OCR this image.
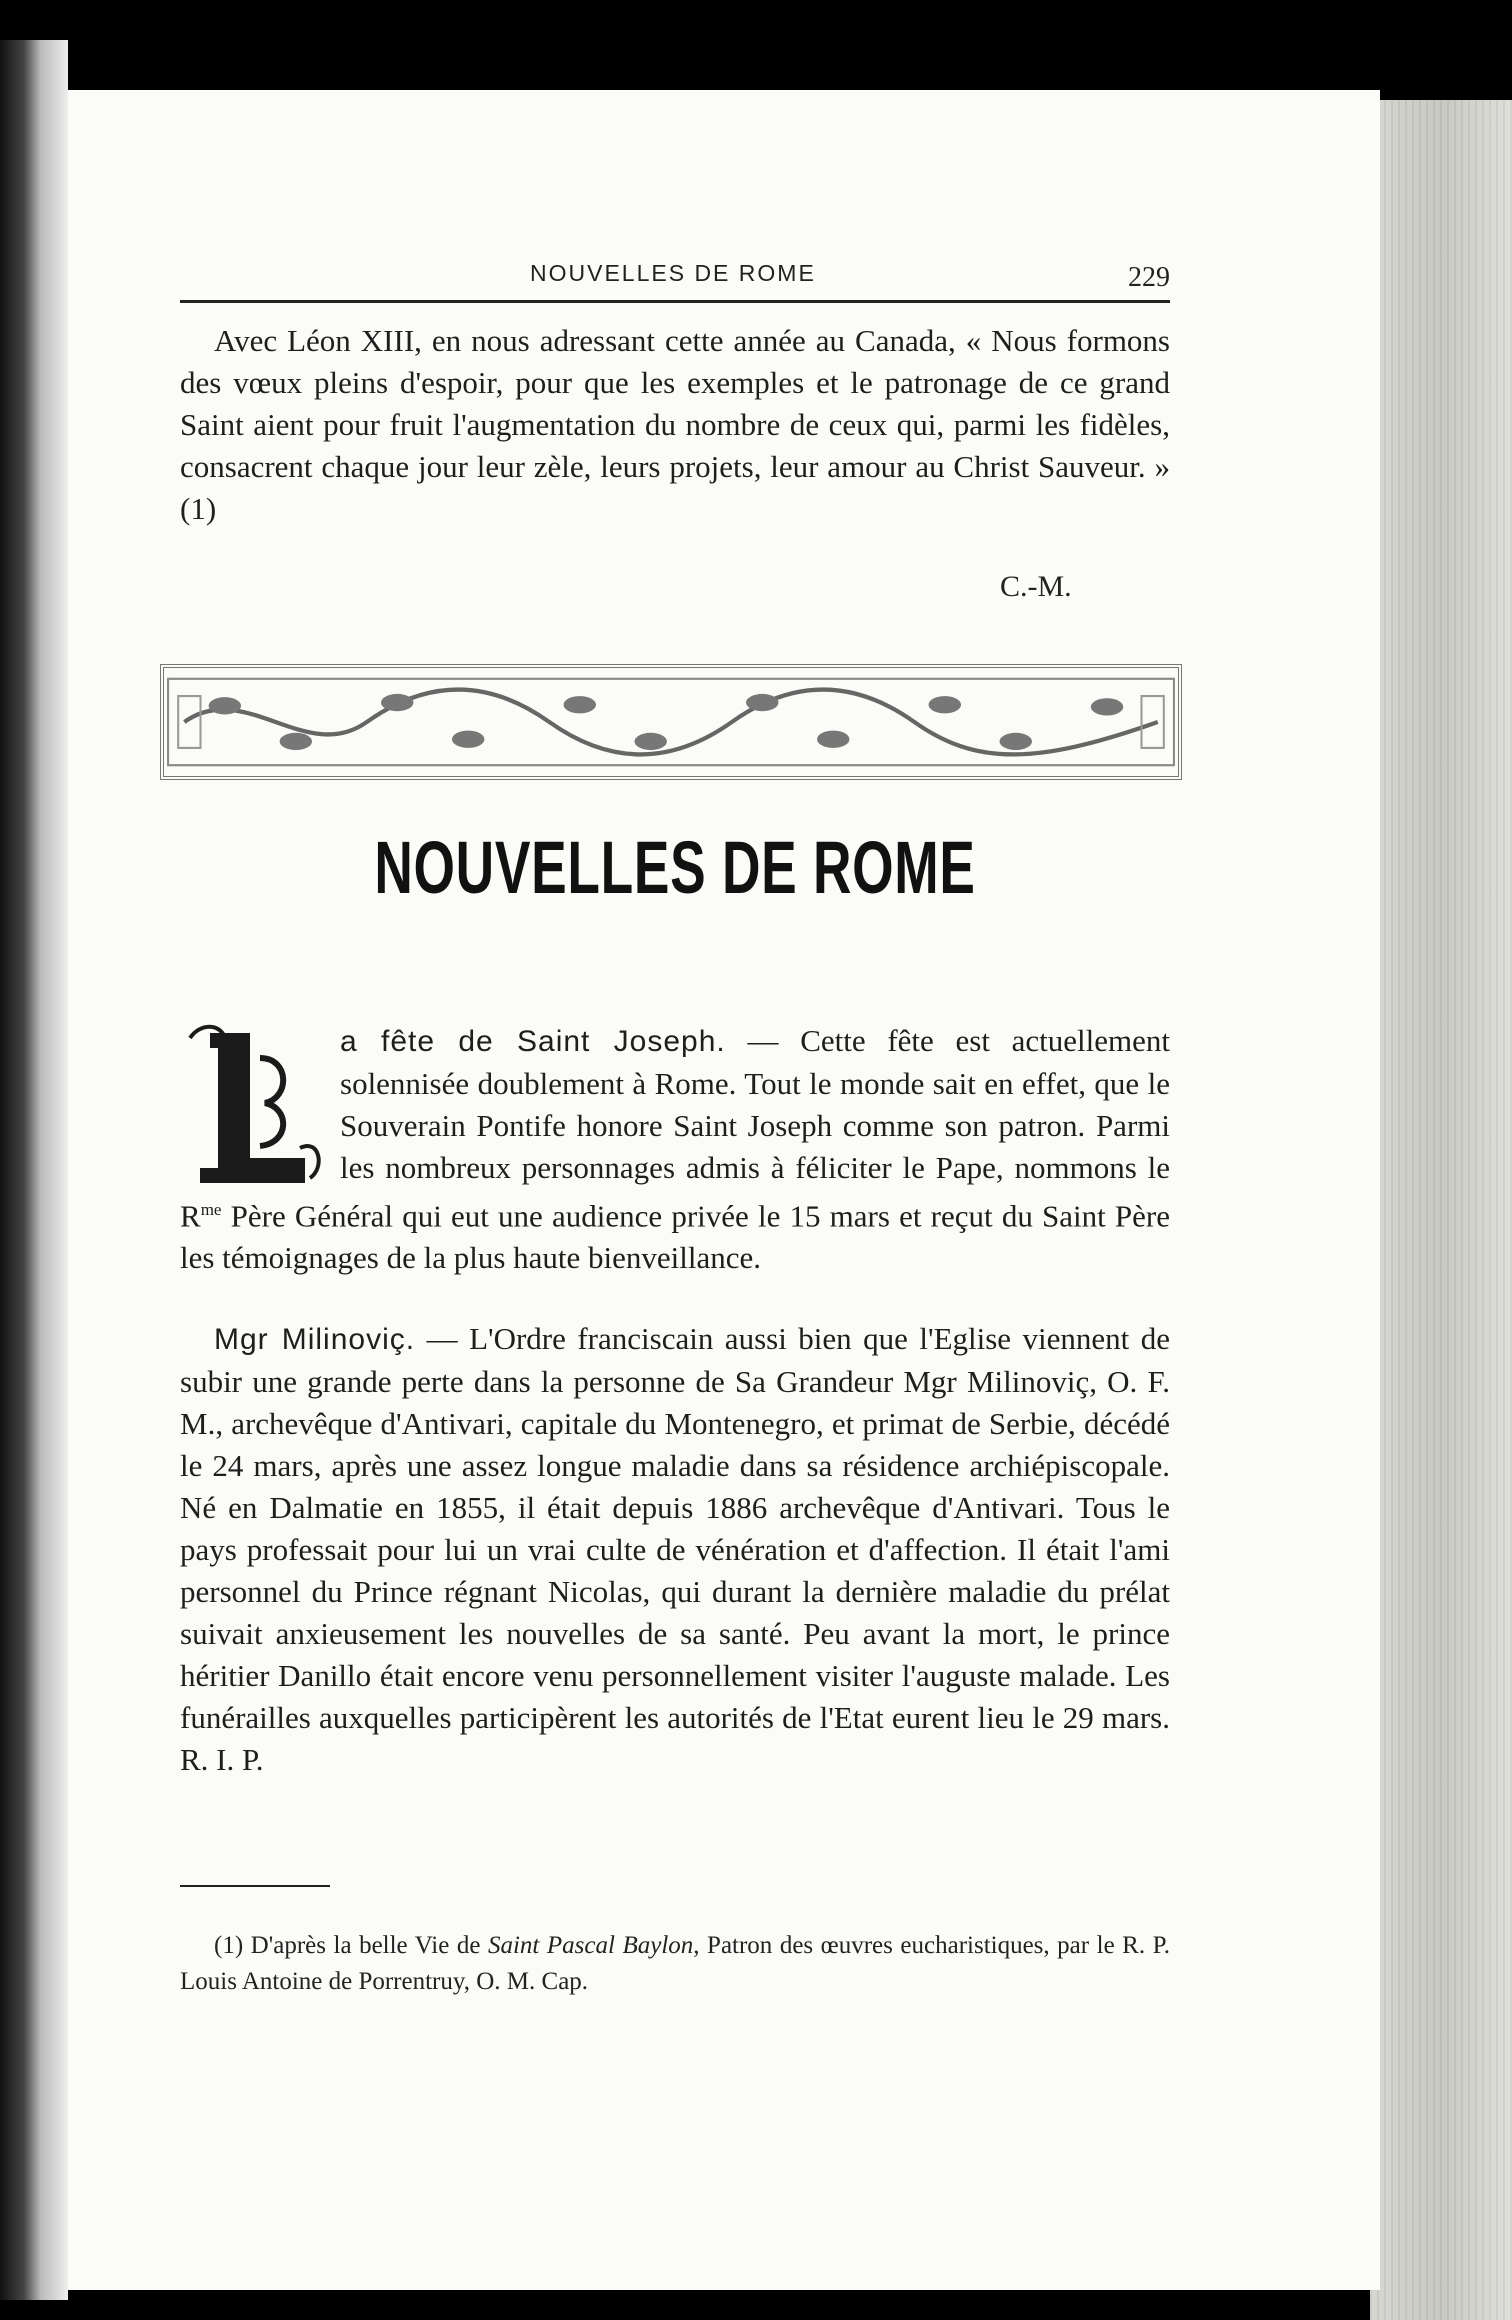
NOUVELLES DE ROME	229

Avec Léon XIII, en nous adressant cette année au Canada, « Nous formons des vœux pleins d'espoir, pour que les exemples et le patronage de ce grand Saint aient pour fruit l'augmentation du nombre de ceux qui, parmi les fidèles, consacrent chaque jour leur zèle, leurs projets, leur amour au Christ Sauveur. » (1)

C.-M.
NOUVELLES DE ROME
L

a fête de Saint Joseph. — Cette fête est actuellement solennisée doublement à Rome. Tout le monde sait en effet, que le Souverain Pontife honore Saint Joseph comme son patron. Parmi les nombreux personnages admis à féliciter le Pape, nommons le $R^{me}$ Père Général qui eut une audience privée le 15 mars et reçut du Saint Père les témoignages de la plus haute bienveillance.

Mgr Milinoviç. — L'Ordre franciscain aussi bien que l'Eglise viennent de subir une grande perte dans la personne de Sa Grandeur Mgr Milinoviç, O. F. M., archevêque d'Antivari, capitale du Montenegro, et primat de Serbie, décédé le 24 mars, après une assez longue maladie dans sa résidence archiépiscopale. Né en Dalmatie en 1855, il était depuis 1886 archevêque d'Antivari. Tous le pays professait pour lui un vrai culte de vénération et d'affection. Il était l'ami personnel du Prince régnant Nicolas, qui durant la dernière maladie du prélat suivait anxieusement les nouvelles de sa santé. Peu avant la mort, le prince héritier Danillo était encore venu personnellement visiter l'auguste malade. Les funérailles auxquelles participèrent les autorités de l'Etat eurent lieu le 29 mars. R. I. P.

(1) D'après la belle Vie de Saint Pascal Baylon, Patron des œuvres eucharistiques, par le R. P. Louis Antoine de Porrentruy, O. M. Cap.
